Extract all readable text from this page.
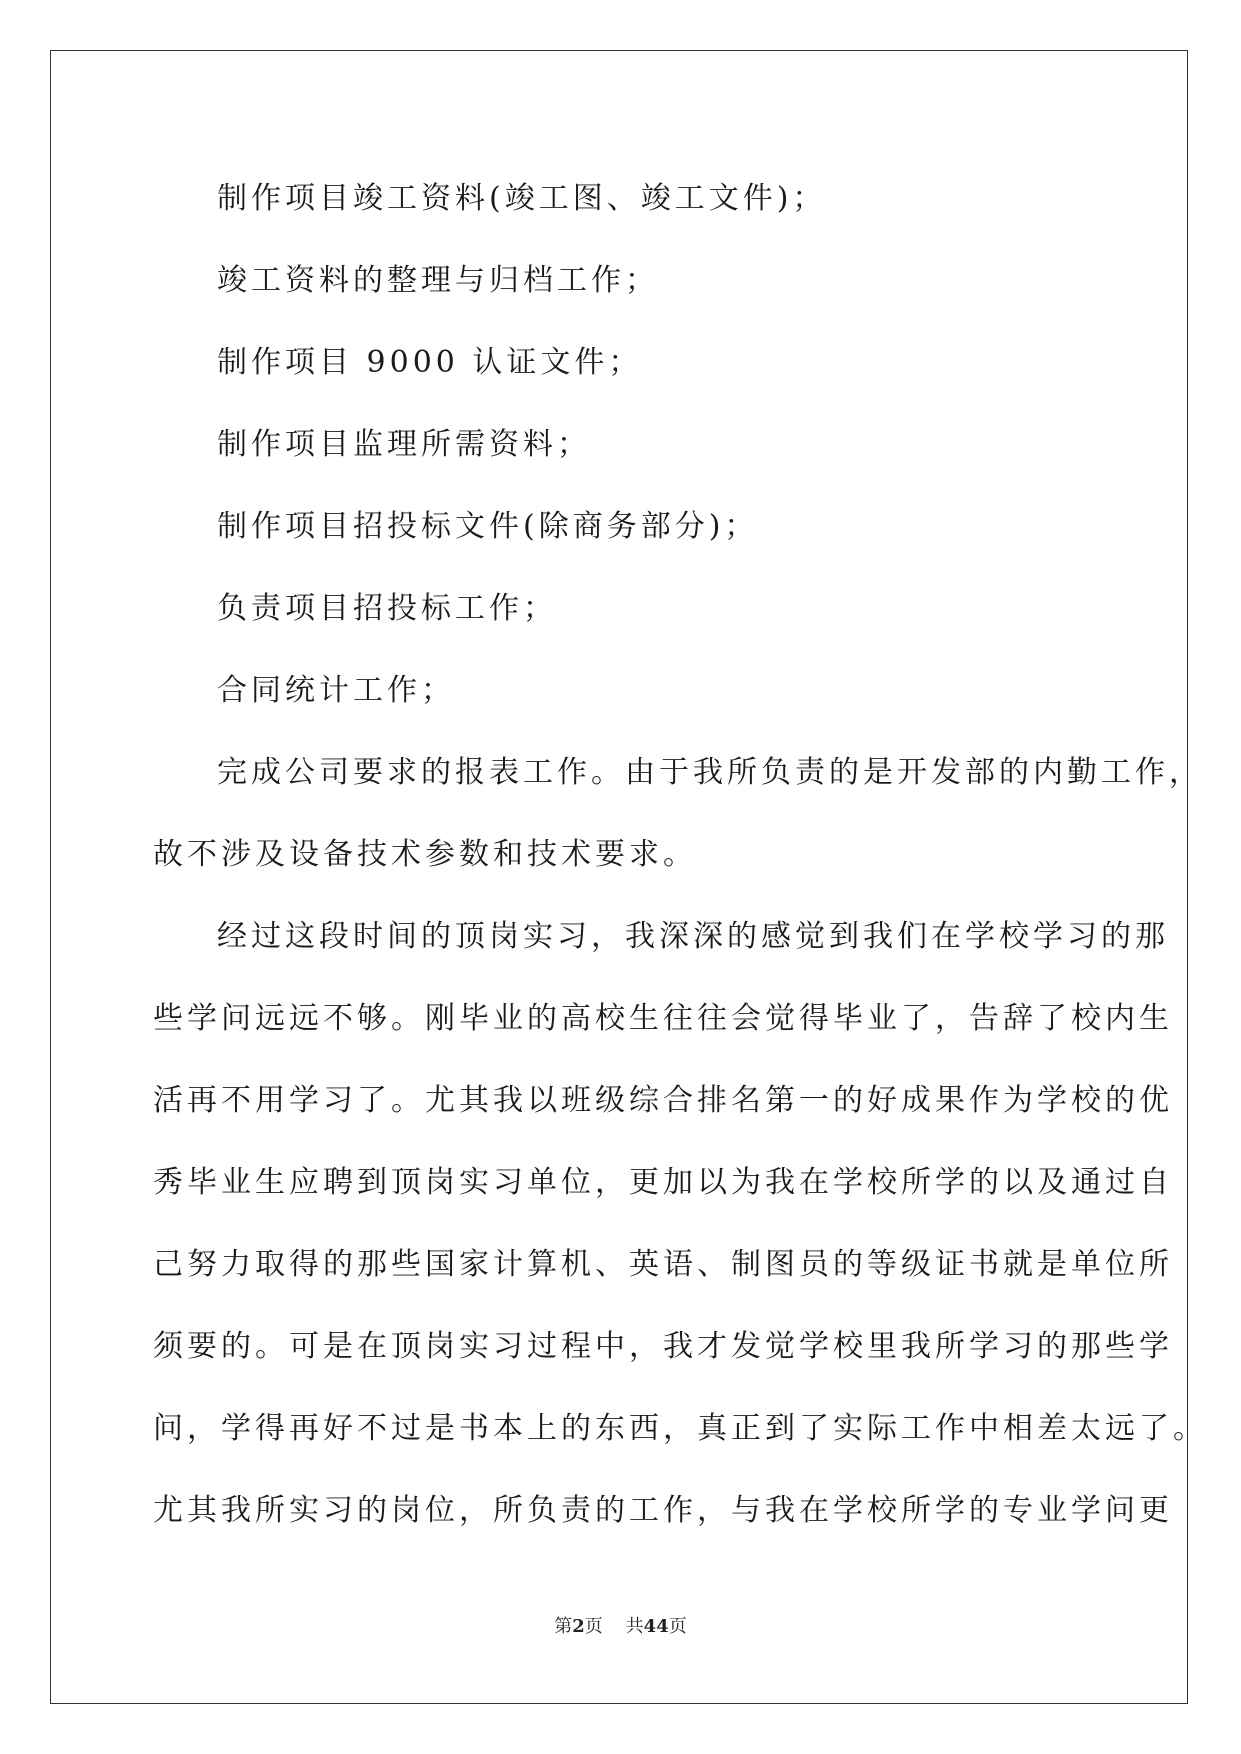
制作项目竣工资料(竣工图、竣工文件)；
竣工资料的整理与归档工作；
制作项目 9000 认证文件；
制作项目监理所需资料；
制作项目招投标文件(除商务部分)；
负责项目招投标工作；
合同统计工作；
完成公司要求的报表工作。由于我所负责的是开发部的内勤工作，
故不涉及设备技术参数和技术要求。
经过这段时间的顶岗实习，我深深的感觉到我们在学校学习的那
些学问远远不够。刚毕业的高校生往往会觉得毕业了，告辞了校内生
活再不用学习了。尤其我以班级综合排名第一的好成果作为学校的优
秀毕业生应聘到顶岗实习单位，更加以为我在学校所学的以及通过自
己努力取得的那些国家计算机、英语、制图员的等级证书就是单位所
须要的。可是在顶岗实习过程中，我才发觉学校里我所学习的那些学
问，学得再好不过是书本上的东西，真正到了实际工作中相差太远了。
尤其我所实习的岗位，所负责的工作，与我在学校所学的专业学问更
第2页 共44页
